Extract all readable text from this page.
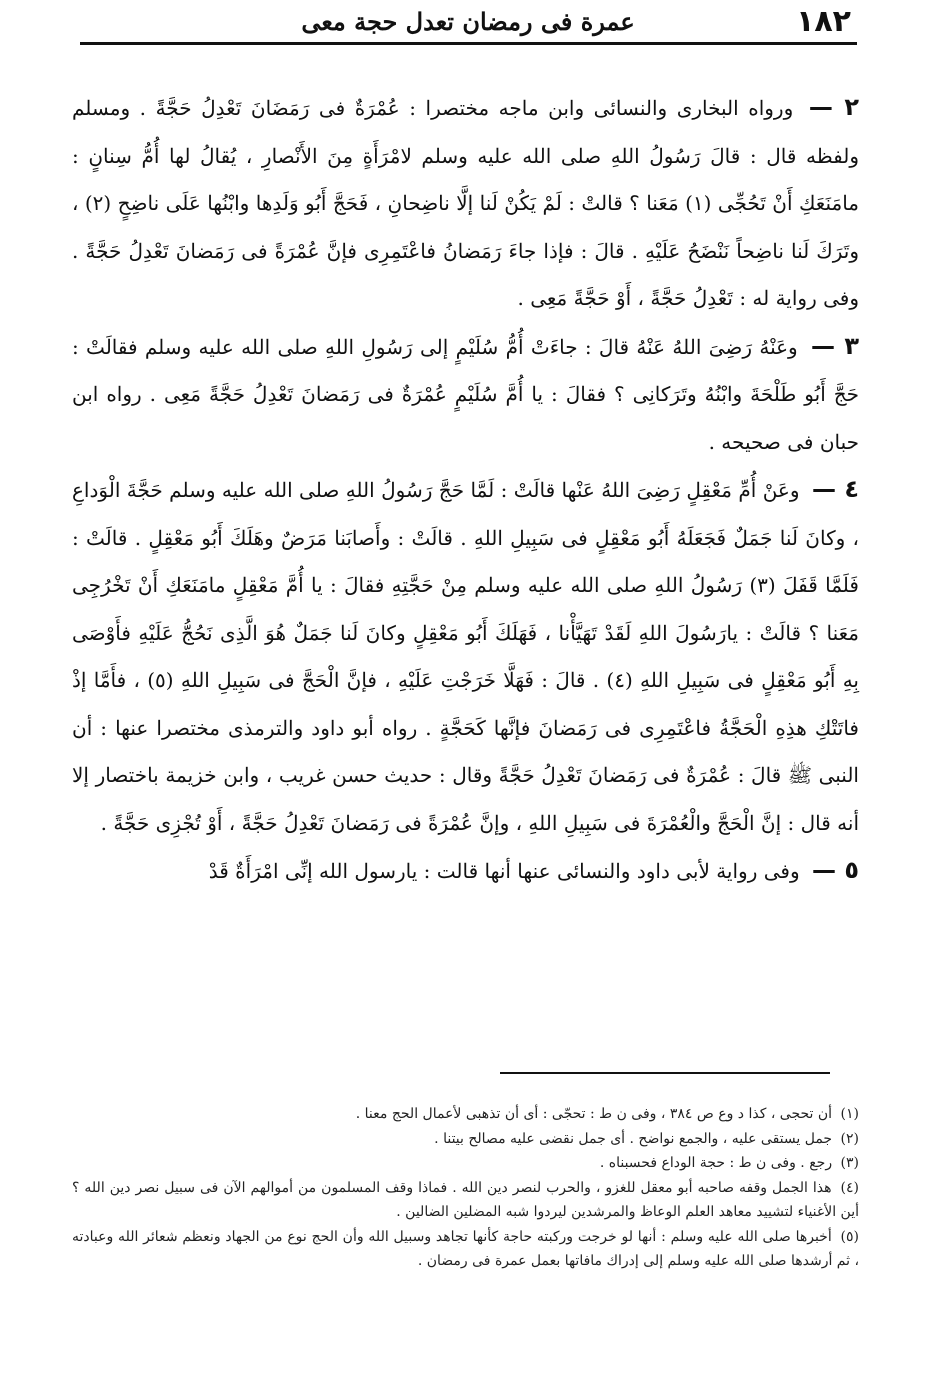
١٨٢
عمرة فى رمضان تعدل حجة معى

٢ — ورواه البخارى والنسائى وابن ماجه مختصرا : عُمْرَةٌ فى رَمَضَانَ تَعْدِلُ حَجَّةً . ومسلم ولفظه قال : قالَ رَسُولُ اللهِ صلى الله عليه وسلم لامْرَأَةٍ مِنَ الأَنْصارِ ، يُقالُ لها أُمُّ سِنانٍ : مامَنَعَكِ أَنْ تَحُجِّى (١) مَعَنا ؟ قالتْ : لَمْ يَكُنْ لَنا إلَّا ناضِحانِ ، فَحَجَّ أَبُو وَلَدِها وابْنُها عَلَى ناضِحٍ (٢) ، وتَرَكَ لَنا ناضِحاً نَنْضَحُ عَلَيْهِ . قالَ : فإذا جاءَ رَمَضانُ فاعْتَمِرِى فإنَّ عُمْرَةً فى رَمَضانَ تَعْدِلُ حَجَّةً . وفى رواية له : تَعْدِلُ حَجَّةً ، أَوْ حَجَّةً مَعِى .

٣ — وعَنْهُ رَضِىَ اللهُ عَنْهُ قالَ : جاءَتْ أُمُّ سُلَيْمٍ إلى رَسُولِ اللهِ صلى الله عليه وسلم فقالَتْ : حَجَّ أَبُو طَلْحَةَ وابْنُهُ وتَرَكانِى ؟ فقالَ : يا أُمَّ سُلَيْمٍ عُمْرَةٌ فى رَمَضانَ تَعْدِلُ حَجَّةً مَعِى . رواه ابن حبان فى صحيحه .

٤ — وعَنْ أُمِّ مَعْقِلٍ رَضِىَ اللهُ عَنْها قالَتْ : لَمَّا حَجَّ رَسُولُ اللهِ صلى الله عليه وسلم حَجَّةَ الْوَداعِ ، وكانَ لَنا جَمَلٌ فَجَعَلَهُ أَبُو مَعْقِلٍ فى سَبِيلِ اللهِ . قالَتْ : وأَصابَنا مَرَضٌ وهَلَكَ أَبُو مَعْقِلٍ . قالَتْ : فَلَمَّا قَفَلَ (٣) رَسُولُ اللهِ صلى الله عليه وسلم مِنْ حَجَّتِهِ فقالَ : يا أُمَّ مَعْقِلٍ مامَنَعَكِ أَنْ تَخْرُجِى مَعَنا ؟ قالَتْ : يارَسُولَ اللهِ لَقَدْ تَهَيَّأْنا ، فَهَلَكَ أَبُو مَعْقِلٍ وكانَ لَنا جَمَلٌ هُوَ الَّذِى نَحُجُّ عَلَيْهِ فأَوْصَى بِهِ أَبُو مَعْقِلٍ فى سَبِيلِ اللهِ (٤) . قالَ : فَهَلَّا خَرَجْتِ عَلَيْهِ ، فإنَّ الْحَجَّ فى سَبِيلِ اللهِ (٥) ، فأَمَّا إذْ فاتَتْكِ هذِهِ الْحَجَّةُ فاعْتَمِرِى فى رَمَضانَ فإنَّها كَحَجَّةٍ . رواه أبو داود والترمذى مختصرا عنها : أن النبى ﷺ قالَ : عُمْرَةٌ فى رَمَضانَ تَعْدِلُ حَجَّةً وقال : حديث حسن غريب ، وابن خزيمة باختصار إلا أنه قال : إنَّ الْحَجَّ والْعُمْرَةَ فى سَبِيلِ اللهِ ، وإنَّ عُمْرَةً فى رَمَضانَ تَعْدِلُ حَجَّةً ، أَوْ تُجْزِى حَجَّةً .

٥ — وفى رواية لأبى داود والنسائى عنها أنها قالت : يارسول الله إنِّى امْرَأَةٌ قَدْ

(١) أن تحجى ، كذا د وع ص ٣٨٤ ، وفى ن ط : تحجّى : أى أن تذهبى لأعمال الحج معنا .

(٢) جمل يستقى عليه ، والجمع نواضح . أى جمل نقضى عليه مصالح بيتنا .

(٣) رجع . وفى ن ط : حجة الوداع فحسبناه .

(٤) هذا الجمل وقفه صاحبه أبو معقل للغزو ، والحرب لنصر دين الله . فماذا وقف المسلمون من أموالهم الآن فى سبيل نصر دين الله ؟ أين الأغنياء لتشييد معاهد العلم الوعاظ والمرشدين ليردوا شبه المضلين الضالين .

(٥) أخبرها صلى الله عليه وسلم : أنها لو خرجت وركبته حاجة كأنها تجاهد وسبيل الله وأن الحج نوع من الجهاد ونعظم شعائر الله وعبادته ، ثم أرشدها صلى الله عليه وسلم إلى إدراك مافاتها بعمل عمرة فى رمضان .
